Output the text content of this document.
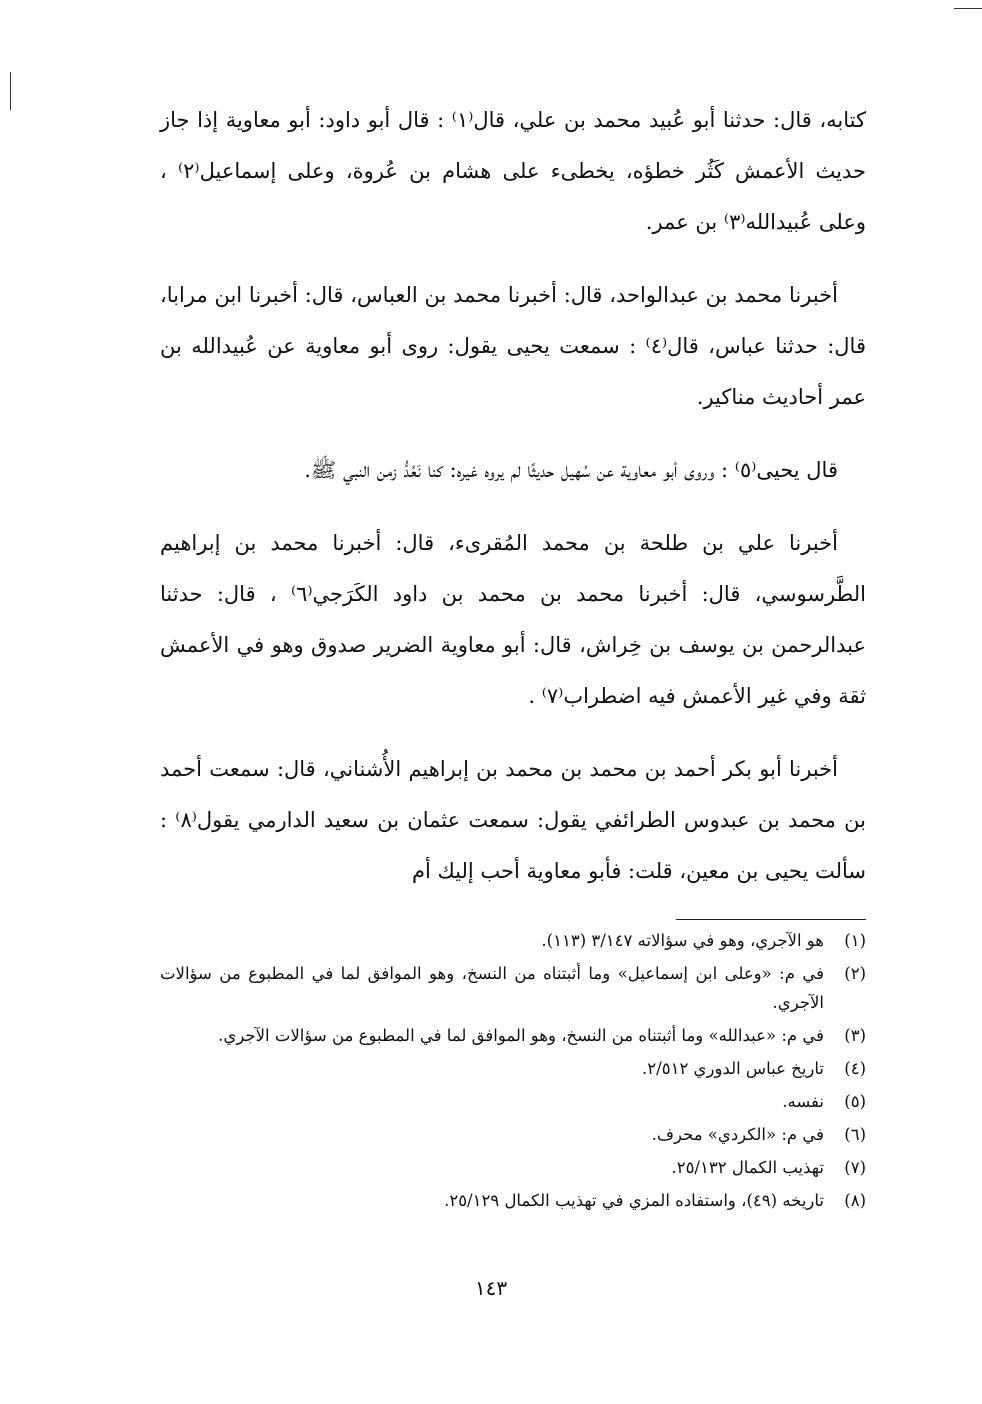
كتابه، قال: حدثنا أبو عُبيد محمد بن علي، قال⁽١⁾ : قال أبو داود: أبو معاوية إذا جاز حديث الأعمش كَثُر خطؤه، يخطىء على هشام بن عُروة، وعلى إسماعيل⁽٢⁾ ، وعلى عُبيدالله⁽٣⁾ بن عمر.

أخبرنا محمد بن عبدالواحد، قال: أخبرنا محمد بن العباس، قال: أخبرنا ابن مرابا، قال: حدثنا عباس، قال⁽٤⁾ : سمعت يحيى يقول: روى أبو معاوية عن عُبيدالله بن عمر أحاديث مناكير.

قال يحيى⁽٥⁾ : وروى أبو معاوية عن سُهيل حديثًا لم يروه غيره: كنا نَعُدُّ زمن النبي ﷺ.

أخبرنا علي بن طلحة بن محمد المُقرىء، قال: أخبرنا محمد بن إبراهيم الطَّرسوسي، قال: أخبرنا محمد بن محمد بن داود الكَرَجي⁽٦⁾ ، قال: حدثنا عبدالرحمن بن يوسف بن خِراش، قال: أبو معاوية الضرير صدوق وهو في الأعمش ثقة وفي غير الأعمش فيه اضطراب⁽٧⁾ .

أخبرنا أبو بكر أحمد بن محمد بن محمد بن إبراهيم الأُشناني، قال: سمعت أحمد بن محمد بن عبدوس الطرائفي يقول: سمعت عثمان بن سعيد الدارمي يقول⁽٨⁾ : سألت يحيى بن معين، قلت: فأبو معاوية أحب إليك أم

(١)
هو الآجري، وهو في سؤالاته ٣/١٤٧ (١١٣).
(٢)
في م: «وعلى ابن إسماعيل» وما أثبتناه من النسخ، وهو الموافق لما في المطبوع من سؤالات الآجري.
(٣)
في م: «عبدالله» وما أثبتناه من النسخ، وهو الموافق لما في المطبوع من سؤالات الآجري.
(٤)
تاريخ عباس الدوري ٢/٥١٢.
(٥)
نفسه.
(٦)
في م: «الكردي» محرف.
(٧)
تهذيب الكمال ٢٥/١٣٢.
(٨)
تاريخه (٤٩)، واستفاده المزي في تهذيب الكمال ٢٥/١٢٩.
١٤٣
